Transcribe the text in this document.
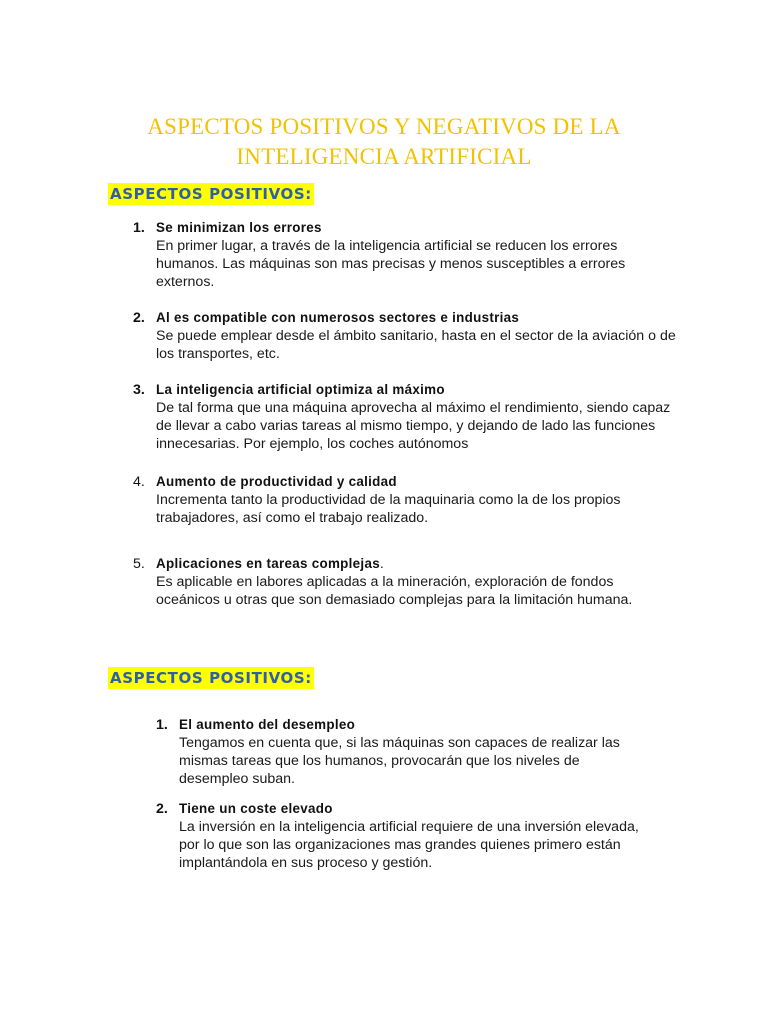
ASPECTOS POSITIVOS Y NEGATIVOS DE LA INTELIGENCIA ARTIFICIAL
ASPECTOS POSITIVOS:
1. Se minimizan los errores
En primer lugar, a través de la inteligencia artificial se reducen los errores humanos. Las máquinas son mas precisas y menos susceptibles a errores externos.
2. Al es compatible con numerosos sectores e industrias
Se puede emplear desde el ámbito sanitario, hasta en el sector de la aviación o de los transportes, etc.
3. La inteligencia artificial optimiza al máximo
De tal forma que una máquina aprovecha al máximo el rendimiento, siendo capaz de llevar a cabo varias tareas al mismo tiempo, y dejando de lado las funciones innecesarias. Por ejemplo, los coches autónomos
4. Aumento de productividad y calidad
Incrementa tanto la productividad de la maquinaria como la de los propios trabajadores, así como el trabajo realizado.
5. Aplicaciones en tareas complejas.
Es aplicable en labores aplicadas a la mineración, exploración de fondos oceánicos u otras que son demasiado complejas para la limitación humana.
ASPECTOS POSITIVOS:
1. El aumento del desempleo
Tengamos en cuenta que, si las máquinas son capaces de realizar las mismas tareas que los humanos, provocarán que los niveles de desempleo suban.
2. Tiene un coste elevado
La inversión en la inteligencia artificial requiere de una inversión elevada, por lo que son las organizaciones mas grandes quienes primero están implantándola en sus proceso y gestión.
